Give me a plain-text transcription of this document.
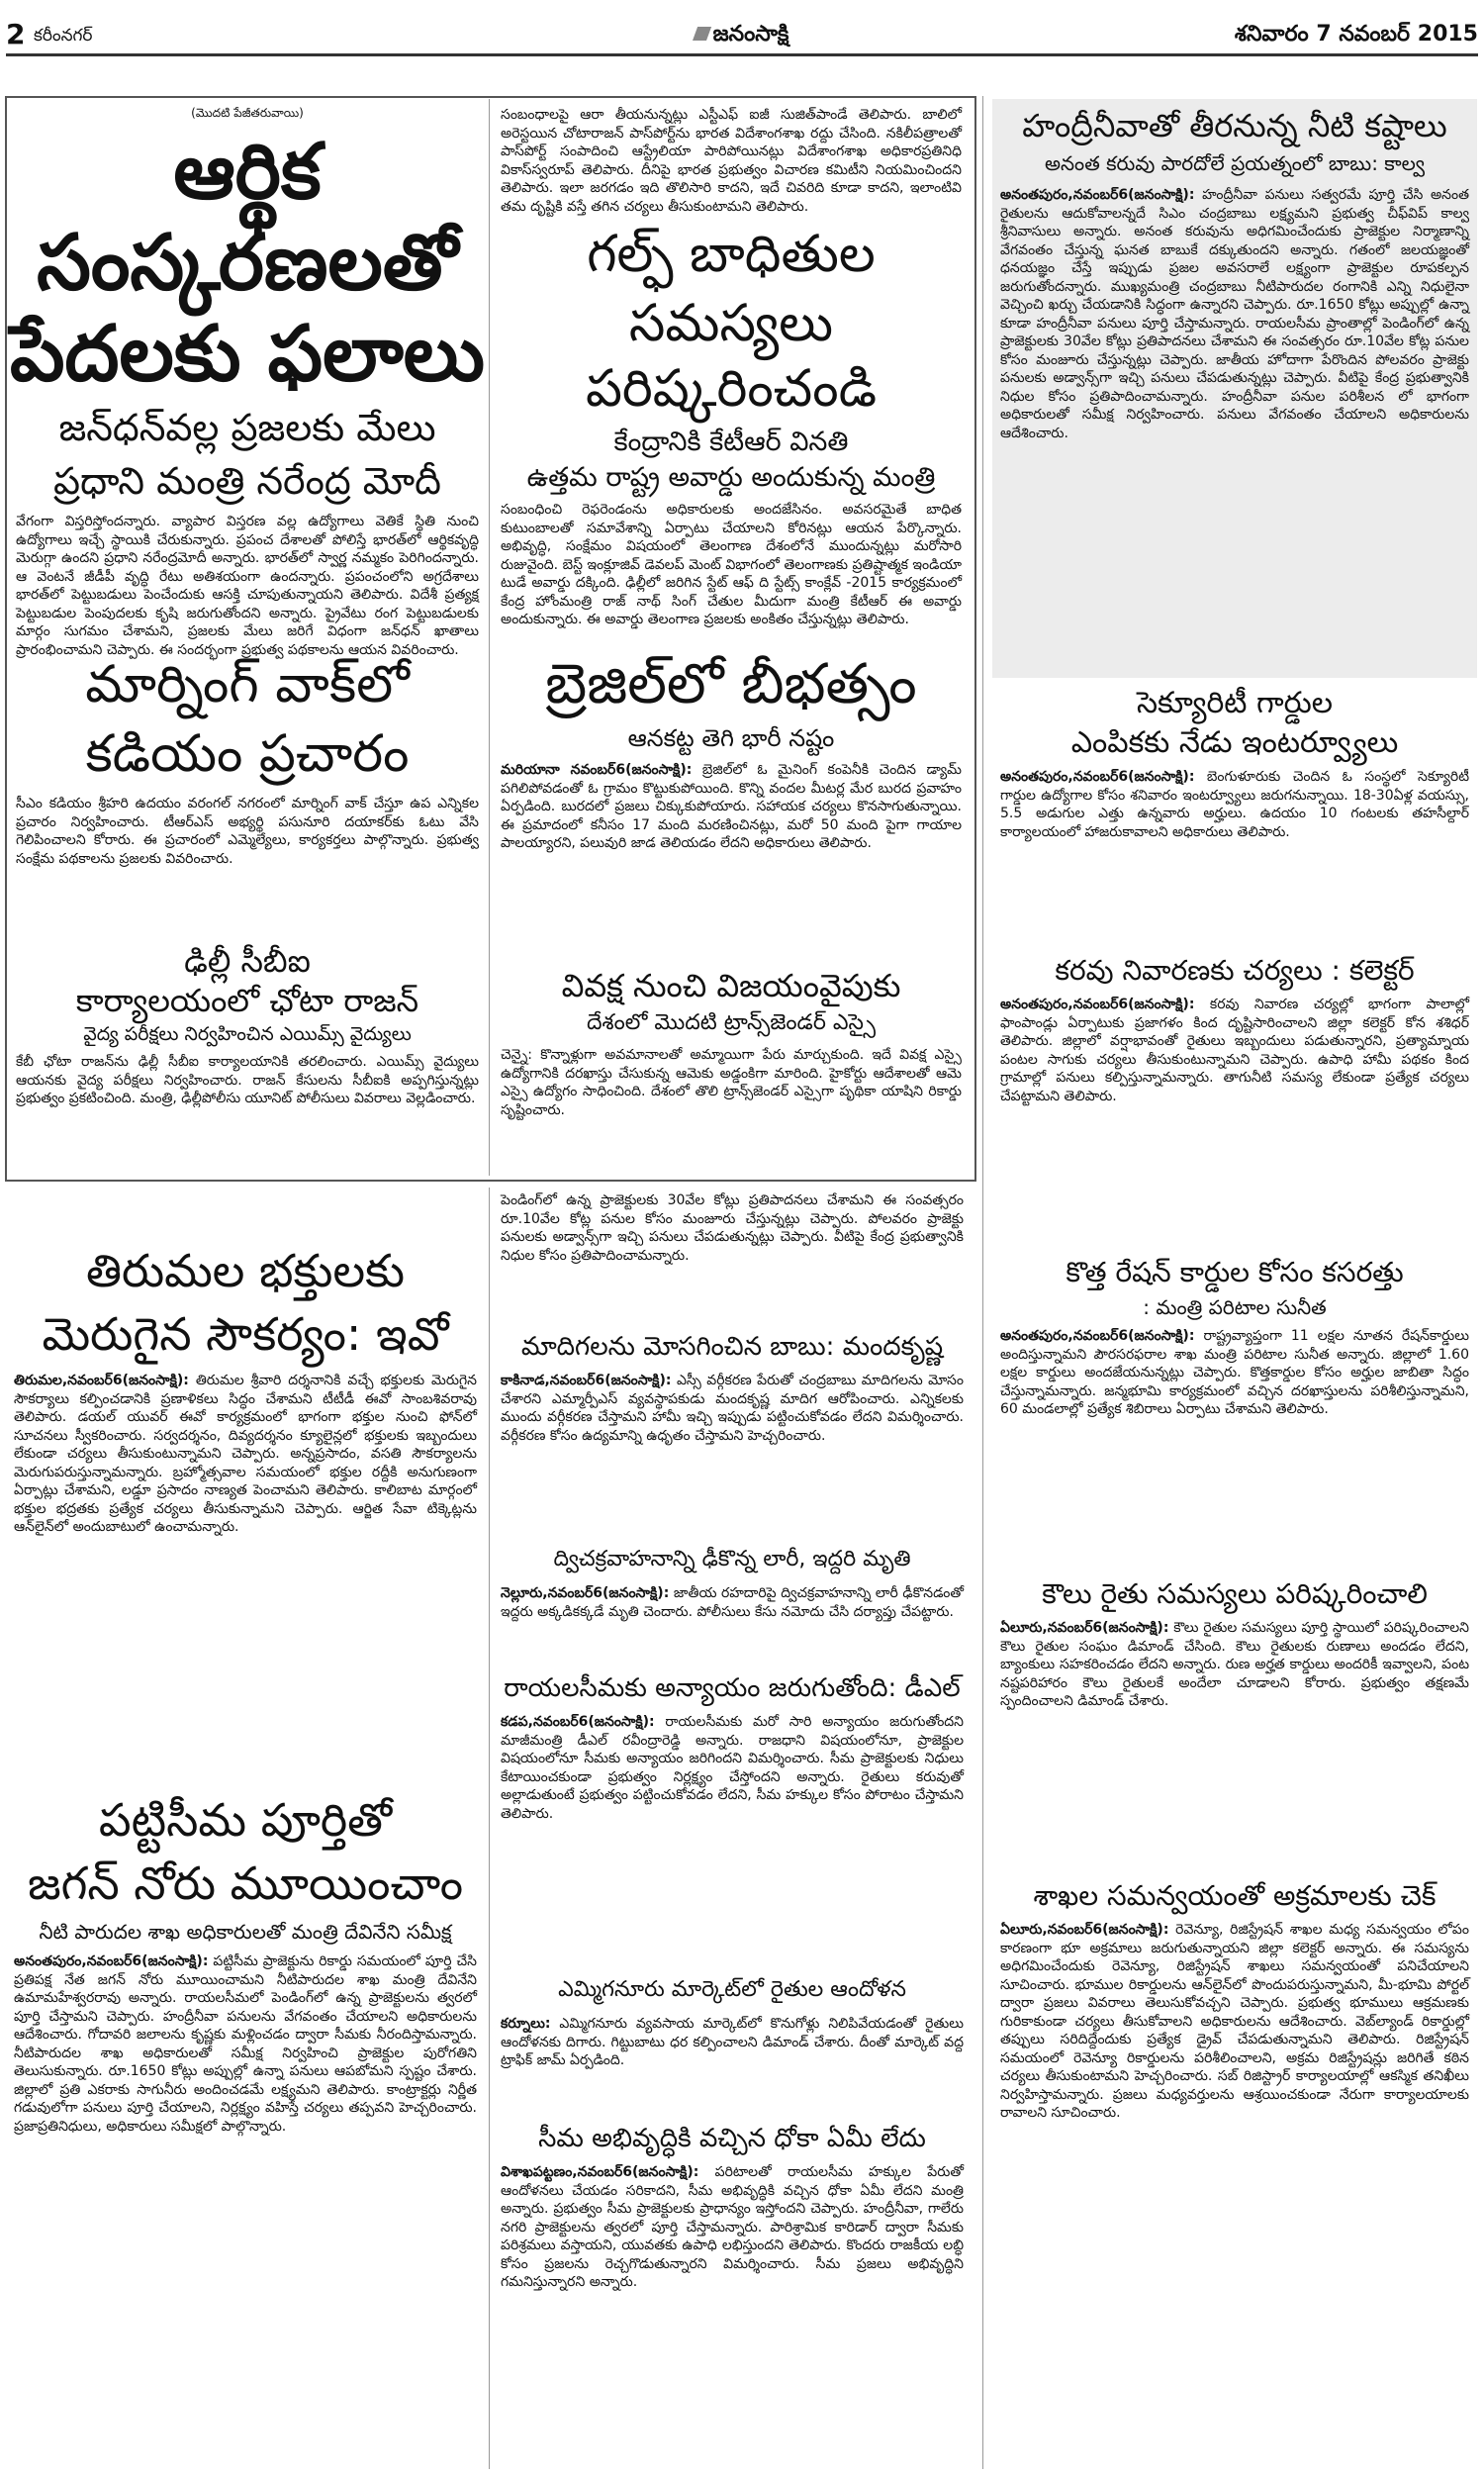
2 కరీంనగర్	జనంసాక్షి	శనివారం 7 నవంబర్ 2015
(మొదటి పేజీతరువాయి)
ఆర్థిక సంస్కరణలతో
పేదలకు ఫలాలు
జన్‌ధన్‌వల్ల ప్రజలకు మేలు
ప్రధాని మంత్రి నరేంద్ర మోదీ

వేగంగా విస్తరిస్తోందన్నారు. వ్యాపార విస్తరణ వల్ల ఉద్యోగాలు వెతికే స్థితి నుంచి ఉద్యోగాలు ఇచ్చే స్థాయికి చేరుకున్నారు. ప్రపంచ దేశాలతో పోలిస్తే భారత్‌లో ఆర్థికవృద్ధి మెరుగ్గా ఉందని ప్రధాని నరేంద్రమోదీ అన్నారు. భారత్‌లో స్వార్ణ నమ్మకం పెరిగిందన్నారు. ఆ వెంటనే జీడీపీ వృద్ధి రేటు అతిశయంగా ఉందన్నారు. ప్రపంచంలోని అగ్రదేశాలు భారత్‌లో పెట్టుబడులు పెంచేందుకు ఆసక్తి చూపుతున్నాయని తెలిపారు. విదేశీ ప్రత్యక్ష పెట్టుబడుల పెంపుదలకు కృషి జరుగుతోందని అన్నారు. ప్రైవేటు రంగ పెట్టుబడులకు మార్గం సుగమం చేశామని, ప్రజలకు మేలు జరిగే విధంగా జన్‌ధన్ ఖాతాలు ప్రారంభించామని చెప్పారు. ఈ సందర్భంగా ప్రభుత్వ పథకాలను ఆయన వివరించారు.

మార్నింగ్ వాక్‌లో
కడియం ప్రచారం

సీఎం కడియం శ్రీహరి ఉదయం వరంగల్ నగరంలో మార్నింగ్ వాక్ చేస్తూ ఉప ఎన్నికల ప్రచారం నిర్వహించారు. టీఆర్ఎస్ అభ్యర్థి పసునూరి దయాకర్‌కు ఓటు వేసి గెలిపించాలని కోరారు. ఈ ప్రచారంలో ఎమ్మెల్యేలు, కార్యకర్తలు పాల్గొన్నారు. ప్రభుత్వ సంక్షేమ పథకాలను ప్రజలకు వివరించారు.

ఢిల్లీ సీబీఐ
కార్యాలయంలో ఛోటా రాజన్
వైద్య పరీక్షలు నిర్వహించిన ఎయిమ్స్ వైద్యులు

కేబీ ఛోటా రాజన్‌ను ఢిల్లీ సీబీఐ కార్యాలయానికి తరలించారు. ఎయిమ్స్ వైద్యులు ఆయనకు వైద్య పరీక్షలు నిర్వహించారు. రాజన్ కేసులను సీబీఐకి అప్పగిస్తున్నట్లు ప్రభుత్వం ప్రకటించింది. మంత్రి, ఢిల్లీపోలీసు యూనిట్ పోలీసులు వివరాలు వెల్లడించారు.

సంబంధాలపై ఆరా తీయనున్నట్లు ఎస్టీఎఫ్ ఐజీ సుజిత్‌పాండే తెలిపారు. బాలిలో అరెస్టయిన చోటారాజన్ పాస్‌పోర్ట్‌ను భారత విదేశాంగశాఖ రద్దు చేసింది. నకిలీపత్రాలతో పాస్‌పోర్ట్ సంపాదించి ఆస్ట్రేలియా పారిపోయినట్లు విదేశాంగశాఖ అధికారప్రతినిధి వికాస్‌స్వరూప్ తెలిపారు. దీనిపై భారత ప్రభుత్వం విచారణ కమిటీని నియమించిందని తెలిపారు. ఇలా జరగడం ఇది తొలిసారి కాదని, ఇదే చివరిది కూడా కాదని, ఇలాంటివి తమ దృష్టికి వస్తే తగిన చర్యలు తీసుకుంటామని తెలిపారు.

గల్ఫ్ బాధితుల
సమస్యలు పరిష్కరించండి
కేంద్రానికి కేటీఆర్ వినతి
ఉత్తమ రాష్ట్ర అవార్డు అందుకున్న మంత్రి

సంబంధించి రెఫరెండంను అధికారులకు అందజేసినం. అవసరమైతే బాధిత కుటుంబాలతో సమావేశాన్ని ఏర్పాటు చేయాలని కోరినట్లు ఆయన పేర్కొన్నారు. అభివృద్ధి, సంక్షేమం విషయంలో తెలంగాణ దేశంలోనే ముందున్నట్లు మరోసారి రుజువైంది. బెస్ట్ ఇంక్లూజివ్ డెవలప్ మెంట్ విభాగంలో తెలంగాణకు ప్రతిష్టాత్మక ఇండియా టుడే అవార్డు దక్కింది. ఢిల్లీలో జరిగిన స్టేట్ ఆఫ్ ది స్టేట్స్ కాంక్లేవ్ -2015 కార్యక్రమంలో కేంద్ర హోంమంత్రి రాజ్ నాథ్ సింగ్ చేతుల మీదుగా మంత్రి కేటీఆర్ ఈ అవార్డు అందుకున్నారు. ఈ అవార్డు తెలంగాణ ప్రజలకు అంకితం చేస్తున్నట్లు తెలిపారు.

బ్రెజిల్‌లో బీభత్సం
ఆనకట్ట తెగి భారీ నష్టం

మరియానా నవంబర్6(జనంసాక్షి): బ్రెజిల్‌లో ఓ మైనింగ్ కంపెనీకి చెందిన డ్యామ్ పగిలిపోవడంతో ఓ గ్రామం కొట్టుకుపోయింది. కొన్ని వందల మీటర్ల మేర బురద ప్రవాహం ఏర్పడింది. బురదలో ప్రజలు చిక్కుకుపోయారు. సహాయక చర్యలు కొనసాగుతున్నాయి. ఈ ప్రమాదంలో కనీసం 17 మంది మరణించినట్లు, మరో 50 మంది పైగా గాయాల పాలయ్యారని, పలువురి జాడ తెలియడం లేదని అధికారులు తెలిపారు.

వివక్ష నుంచి విజయంవైపుకు
దేశంలో మొదటి ట్రాన్స్‌జెండర్ ఎస్సై

చెన్నై: కొన్నాళ్లుగా అవమానాలతో అమ్మాయిగా పేరు మార్చుకుంది. ఇదే వివక్ష ఎస్సై ఉద్యోగానికి దరఖాస్తు చేసుకున్న ఆమెకు అడ్డంకిగా మారింది. హైకోర్టు ఆదేశాలతో ఆమె ఎస్సై ఉద్యోగం సాధించింది. దేశంలో తొలి ట్రాన్స్‌జెండర్ ఎస్సైగా పృథికా యాషిని రికార్డు సృష్టించారు.

హంద్రీనీవాతో తీరనున్న నీటి కష్టాలు
అనంత కరువు పారదోలే ప్రయత్నంలో బాబు: కాల్వ

అనంతపురం,నవంబర్6(జనంసాక్షి): హంద్రీనీవా పనులు సత్వరమే పూర్తి చేసి అనంత రైతులను ఆదుకోవాలన్నదే సిఎం చంద్రబాబు లక్ష్యమని ప్రభుత్వ చీఫ్‌విప్ కాల్వ శ్రీనివాసులు అన్నారు. అనంత కరువును అధిగమించేందుకు ప్రాజెక్టుల నిర్మాణాన్ని వేగవంతం చేస్తున్న ఘనత బాబుకే దక్కుతుందని అన్నారు. గతంలో జలయజ్ఞంతో ధనయజ్ఞం చేస్తే ఇప్పుడు ప్రజల అవసరాలే లక్ష్యంగా ప్రాజెక్టుల రూపకల్పన జరుగుతోందన్నారు. ముఖ్యమంత్రి చంద్రబాబు నీటిపారుదల రంగానికి ఎన్ని నిధులైనా వెచ్చించి ఖర్చు చేయడానికి సిద్ధంగా ఉన్నారని చెప్పారు. రూ.1650 కోట్లు అప్పుల్లో ఉన్నా కూడా హంద్రీనీవా పనులు పూర్తి చేస్తామన్నారు. రాయలసీమ ప్రాంతాల్లో పెండింగ్‌లో ఉన్న ప్రాజెక్టులకు 30వేల కోట్లు ప్రతిపాదనలు చేశామని ఈ సంవత్సరం రూ.10వేల కోట్ల పనుల కోసం మంజూరు చేస్తున్నట్లు చెప్పారు. జాతీయ హోదాగా పేరొందిన పోలవరం ప్రాజెక్టు పనులకు అడ్వాన్స్‌గా ఇచ్చి పనులు చేపడుతున్నట్లు చెప్పారు. వీటిపై కేంద్ర ప్రభుత్వానికి నిధుల కోసం ప్రతిపాదించామన్నారు. హంద్రీనీవా పనుల పరిశీలన లో భాగంగా అధికారులతో సమీక్ష నిర్వహించారు. పనులు వేగవంతం చేయాలని అధికారులను ఆదేశించారు.

సెక్యూరిటీ గార్డుల
ఎంపికకు నేడు ఇంటర్వ్యూలు

అనంతపురం,నవంబర్6(జనంసాక్షి): బెంగుళూరుకు చెందిన ఓ సంస్థలో సెక్యూరిటీ గార్డుల ఉద్యోగాల కోసం శనివారం ఇంటర్వ్యూలు జరుగనున్నాయి. 18-30ఏళ్ల వయస్సు, 5.5 అడుగుల ఎత్తు ఉన్నవారు అర్హులు. ఉదయం 10 గంటలకు తహసీల్దార్ కార్యాలయంలో హాజరుకావాలని అధికారులు తెలిపారు.

కరవు నివారణకు చర్యలు : కలెక్టర్

అనంతపురం,నవంబర్6(జనంసాక్షి): కరవు నివారణ చర్యల్లో భాగంగా పాలాల్లో ఫాంపాండ్లు ఏర్పాటుకు ప్రజాగళం కింద దృష్టిసారించాలని జిల్లా కలెక్టర్ కోన శశిధర్ తెలిపారు. జిల్లాలో వర్షాభావంతో రైతులు ఇబ్బందులు పడుతున్నారని, ప్రత్యామ్నాయ పంటల సాగుకు చర్యలు తీసుకుంటున్నామని చెప్పారు. ఉపాధి హామీ పథకం కింద గ్రామాల్లో పనులు కల్పిస్తున్నామన్నారు. తాగునీటి సమస్య లేకుండా ప్రత్యేక చర్యలు చేపట్టామని తెలిపారు.

కొత్త రేషన్ కార్డుల కోసం కసరత్తు
: మంత్రి పరిటాల సునీత

అనంతపురం,నవంబర్6(జనంసాక్షి): రాష్ట్రవ్యాప్తంగా 11 లక్షల నూతన రేషన్‌కార్డులు అందిస్తున్నామని పౌరసరఫరాల శాఖ మంత్రి పరిటాల సునీత అన్నారు. జిల్లాలో 1.60 లక్షల కార్డులు అందజేయనున్నట్లు చెప్పారు. కొత్తకార్డుల కోసం అర్హుల జాబితా సిద్ధం చేస్తున్నామన్నారు. జన్మభూమి కార్యక్రమంలో వచ్చిన దరఖాస్తులను పరిశీలిస్తున్నామని, 60 మండలాల్లో ప్రత్యేక శిబిరాలు ఏర్పాటు చేశామని తెలిపారు.

కౌలు రైతు సమస్యలు పరిష్కరించాలి

ఏలూరు,నవంబర్6(జనంసాక్షి): కౌలు రైతుల సమస్యలు పూర్తి స్థాయిలో పరిష్కరించాలని కౌలు రైతుల సంఘం డిమాండ్ చేసింది. కౌలు రైతులకు రుణాలు అందడం లేదని, బ్యాంకులు సహకరించడం లేదని అన్నారు. రుణ అర్హత కార్డులు అందరికీ ఇవ్వాలని, పంట నష్టపరిహారం కౌలు రైతులకే అందేలా చూడాలని కోరారు. ప్రభుత్వం తక్షణమే స్పందించాలని డిమాండ్ చేశారు.

శాఖల సమన్వయంతో అక్రమాలకు చెక్

ఏలూరు,నవంబర్6(జనంసాక్షి): రెవెన్యూ, రిజిస్ట్రేషన్ శాఖల మధ్య సమన్వయం లోపం కారణంగా భూ అక్రమాలు జరుగుతున్నాయని జిల్లా కలెక్టర్ అన్నారు. ఈ సమస్యను అధిగమించేందుకు రెవెన్యూ, రిజిస్ట్రేషన్ శాఖలు సమన్వయంతో పనిచేయాలని సూచించారు. భూముల రికార్డులను ఆన్‌లైన్‌లో పొందుపరుస్తున్నామని, మీ-భూమి పోర్టల్ ద్వారా ప్రజలు వివరాలు తెలుసుకోవచ్చని చెప్పారు. ప్రభుత్వ భూములు ఆక్రమణకు గురికాకుండా చర్యలు తీసుకోవాలని అధికారులను ఆదేశించారు. వెబ్‌ల్యాండ్ రికార్డుల్లో తప్పులు సరిదిద్దేందుకు ప్రత్యేక డ్రైవ్ చేపడుతున్నామని తెలిపారు. రిజిస్ట్రేషన్ సమయంలో రెవెన్యూ రికార్డులను పరిశీలించాలని, అక్రమ రిజిస్ట్రేషన్లు జరిగితే కఠిన చర్యలు తీసుకుంటామని హెచ్చరించారు. సబ్ రిజిస్ట్రార్ కార్యాలయాల్లో ఆకస్మిక తనిఖీలు నిర్వహిస్తామన్నారు. ప్రజలు మధ్యవర్తులను ఆశ్రయించకుండా నేరుగా కార్యాలయాలకు రావాలని సూచించారు.

తిరుమల భక్తులకు
మెరుగైన సౌకర్యం: ఇవో

తిరుమల,నవంబర్6(జనంసాక్షి): తిరుమల శ్రీవారి దర్శనానికి వచ్చే భక్తులకు మెరుగైన సౌకర్యాలు కల్పించడానికి ప్రణాళికలు సిద్ధం చేశామని టీటీడీ ఈవో సాంబశివరావు తెలిపారు. డయల్ యువర్ ఈవో కార్యక్రమంలో భాగంగా భక్తుల నుంచి ఫోన్‌లో సూచనలు స్వీకరించారు. సర్వదర్శనం, దివ్యదర్శనం క్యూలైన్లలో భక్తులకు ఇబ్బందులు లేకుండా చర్యలు తీసుకుంటున్నామని చెప్పారు. అన్నప్రసాదం, వసతి సౌకర్యాలను మెరుగుపరుస్తున్నామన్నారు. బ్రహ్మోత్సవాల సమయంలో భక్తుల రద్దీకి అనుగుణంగా ఏర్పాట్లు చేశామని, లడ్డూ ప్రసాదం నాణ్యత పెంచామని తెలిపారు. కాలిబాట మార్గంలో భక్తుల భద్రతకు ప్రత్యేక చర్యలు తీసుకున్నామని చెప్పారు. ఆర్జిత సేవా టిక్కెట్లను ఆన్‌లైన్‌లో అందుబాటులో ఉంచామన్నారు.

పట్టిసీమ పూర్తితో
జగన్ నోరు మూయించాం
నీటి పారుదల శాఖ అధికారులతో మంత్రి దేవినేని సమీక్ష

అనంతపురం,నవంబర్6(జనంసాక్షి): పట్టిసీమ ప్రాజెక్టును రికార్డు సమయంలో పూర్తి చేసి ప్రతిపక్ష నేత జగన్ నోరు మూయించామని నీటిపారుదల శాఖ మంత్రి దేవినేని ఉమామహేశ్వరరావు అన్నారు. రాయలసీమలో పెండింగ్‌లో ఉన్న ప్రాజెక్టులను త్వరలో పూర్తి చేస్తామని చెప్పారు. హంద్రీనీవా పనులను వేగవంతం చేయాలని అధికారులను ఆదేశించారు. గోదావరి జలాలను కృష్ణకు మళ్లించడం ద్వారా సీమకు నీరందిస్తామన్నారు. నీటిపారుదల శాఖ అధికారులతో సమీక్ష నిర్వహించి ప్రాజెక్టుల పురోగతిని తెలుసుకున్నారు. రూ.1650 కోట్లు అప్పుల్లో ఉన్నా పనులు ఆపబోమని స్పష్టం చేశారు. జిల్లాలో ప్రతి ఎకరాకు సాగునీరు అందించడమే లక్ష్యమని తెలిపారు. కాంట్రాక్టర్లు నిర్ణీత గడువులోగా పనులు పూర్తి చేయాలని, నిర్లక్ష్యం వహిస్తే చర్యలు తప్పవని హెచ్చరించారు. ప్రజాప్రతినిధులు, అధికారులు సమీక్షలో పాల్గొన్నారు.

పెండింగ్‌లో ఉన్న ప్రాజెక్టులకు 30వేల కోట్లు ప్రతిపాదనలు చేశామని ఈ సంవత్సరం రూ.10వేల కోట్ల పనుల కోసం మంజూరు చేస్తున్నట్లు చెప్పారు. పోలవరం ప్రాజెక్టు పనులకు అడ్వాన్స్‌గా ఇచ్చి పనులు చేపడుతున్నట్లు చెప్పారు. వీటిపై కేంద్ర ప్రభుత్వానికి నిధుల కోసం ప్రతిపాదించామన్నారు.

మాదిగలను మోసగించిన బాబు: మందకృష్ణ

కాకినాడ,నవంబర్6(జనంసాక్షి): ఎస్సీ వర్గీకరణ పేరుతో చంద్రబాబు మాదిగలను మోసం చేశారని ఎమ్మార్పీఎస్ వ్యవస్థాపకుడు మందకృష్ణ మాదిగ ఆరోపించారు. ఎన్నికలకు ముందు వర్గీకరణ చేస్తామని హామీ ఇచ్చి ఇప్పుడు పట్టించుకోవడం లేదని విమర్శించారు. వర్గీకరణ కోసం ఉద్యమాన్ని ఉధృతం చేస్తామని హెచ్చరించారు.

ద్విచక్రవాహనాన్ని ఢీకొన్న లారీ, ఇద్దరి మృతి

నెల్లూరు,నవంబర్6(జనంసాక్షి): జాతీయ రహదారిపై ద్విచక్రవాహనాన్ని లారీ ఢీకొనడంతో ఇద్దరు అక్కడికక్కడే మృతి చెందారు. పోలీసులు కేసు నమోదు చేసి దర్యాప్తు చేపట్టారు.

రాయలసీమకు అన్యాయం జరుగుతోంది: డీఎల్

కడప,నవంబర్6(జనంసాక్షి): రాయలసీమకు మరో సారి అన్యాయం జరుగుతోందని మాజీమంత్రి డీఎల్ రవీంద్రారెడ్డి అన్నారు. రాజధాని విషయంలోనూ, ప్రాజెక్టుల విషయంలోనూ సీమకు అన్యాయం జరిగిందని విమర్శించారు. సీమ ప్రాజెక్టులకు నిధులు కేటాయించకుండా ప్రభుత్వం నిర్లక్ష్యం చేస్తోందని అన్నారు. రైతులు కరువుతో అల్లాడుతుంటే ప్రభుత్వం పట్టించుకోవడం లేదని, సీమ హక్కుల కోసం పోరాటం చేస్తామని తెలిపారు.

ఎమ్మిగనూరు మార్కెట్‌లో రైతుల ఆందోళన

కర్నూలు: ఎమ్మిగనూరు వ్యవసాయ మార్కెట్‌లో కొనుగోళ్లు నిలిపివేయడంతో రైతులు ఆందోళనకు దిగారు. గిట్టుబాటు ధర కల్పించాలని డిమాండ్ చేశారు. దీంతో మార్కెట్ వద్ద ట్రాఫిక్ జామ్ ఏర్పడింది.

సీమ అభివృద్ధికి వచ్చిన ధోకా ఏమీ లేదు

విశాఖపట్టణం,నవంబర్6(జనంసాక్షి): పరిటాలతో రాయలసీమ హక్కుల పేరుతో ఆందోళనలు చేయడం సరికాదని, సీమ అభివృద్ధికి వచ్చిన ధోకా ఏమీ లేదని మంత్రి అన్నారు. ప్రభుత్వం సీమ ప్రాజెక్టులకు ప్రాధాన్యం ఇస్తోందని చెప్పారు. హంద్రీనీవా, గాలేరు నగరి ప్రాజెక్టులను త్వరలో పూర్తి చేస్తామన్నారు. పారిశ్రామిక కారిడార్ ద్వారా సీమకు పరిశ్రమలు వస్తాయని, యువతకు ఉపాధి లభిస్తుందని తెలిపారు. కొందరు రాజకీయ లబ్ధి కోసం ప్రజలను రెచ్చగొడుతున్నారని విమర్శించారు. సీమ ప్రజలు అభివృద్ధిని గమనిస్తున్నారని అన్నారు.
